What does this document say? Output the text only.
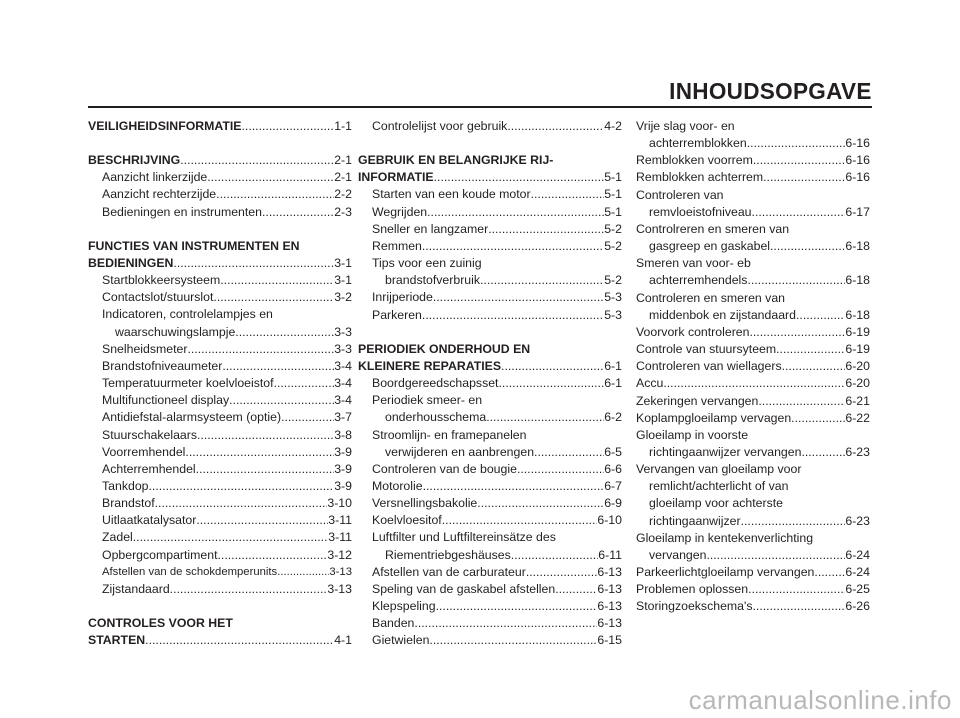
INHOUDSOPGAVE
VEILIGHEIDSINFORMATIE .....	1-1
BESCHRIJVING .....	2-1
Aanzicht linkerzijde .....	2-1
Aanzicht rechterzijde .....	2-2
Bedieningen en instrumenten .....	2-3
FUNCTIES VAN INSTRUMENTEN EN
BEDIENINGEN .....	3-1
Startblokkeersysteem .....	3-1
Contactslot/stuurslot .....	3-2
Indicatoren, controlelampjes en
waarschuwingslampje .....	3-3
Snelheidsmeter .....	3-3
Brandstofniveaumeter .....	3-4
Temperatuurmeter koelvloeistof .....	3-4
Multifunctioneel display .....	3-4
Antidiefstal-alarmsysteem (optie) .....	3-7
Stuurschakelaars .....	3-8
Voorremhendel .....	3-9
Achterremhendel .....	3-9
Tankdop .....	3-9
Brandstof .....	3-10
Uitlaatkatalysator .....	3-11
Zadel .....	3-11
Opbergcompartiment .....	3-12
Afstellen van de schokdemperunits .....	3-13
Zijstandaard .....	3-13
CONTROLES VOOR HET
STARTEN .....	4-1
Controlelijst voor gebruik .....	4-2
GEBRUIK EN BELANGRIJKE RIJ-
INFORMATIE .....	5-1
Starten van een koude motor .....	5-1
Wegrijden .....	5-1
Sneller en langzamer .....	5-2
Remmen .....	5-2
Tips voor een zuinig
brandstofverbruik .....	5-2
Inrijperiode .....	5-3
Parkeren .....	5-3
PERIODIEK ONDERHOUD EN
KLEINERE REPARATIES .....	6-1
Boordgereedschapsset .....	6-1
Periodiek smeer- en
onderhousschema .....	6-2
Stroomlijn- en framepanelen
verwijderen en aanbrengen .....	6-5
Controleren van de bougie .....	6-6
Motorolie .....	6-7
Versnellingsbakolie .....	6-9
Koelvloesitof .....	6-10
Luftfilter und Luftfiltereinsätze des
Riementriebgeshäuses .....	6-11
Afstellen van de carburateur .....	6-13
Speling van de gaskabel afstellen .....	6-13
Klepspeling .....	6-13
Banden .....	6-13
Gietwielen .....	6-15
Vrije slag voor- en
achterremblokken .....	6-16
Remblokken voorrem .....	6-16
Remblokken achterrem .....	6-16
Controleren van
remvloeistofniveau .....	6-17
Controlreren en smeren van
gasgreep en gaskabel .....	6-18
Smeren van voor- eb
achterremhendels .....	6-18
Controleren en smeren van
middenbok en zijstandaard .....	6-18
Voorvork controleren .....	6-19
Controle van stuursyteem .....	6-19
Controleren van wiellagers .....	6-20
Accu .....	6-20
Zekeringen vervangen .....	6-21
Koplampgloeilamp vervagen .....	6-22
Gloeilamp in voorste
richtingaanwijzer vervangen .....	6-23
Vervangen van gloeilamp voor
remlicht/achterlicht of van
gloeilamp voor achterste
richtingaanwijzer .....	6-23
Gloeilamp in kentekenverlichting
vervangen .....	6-24
Parkeerlichtgloeilamp vervangen .....	6-24
Problemen oplossen .....	6-25
Storingzoekschema's .....	6-26
carmanualsonline.info
